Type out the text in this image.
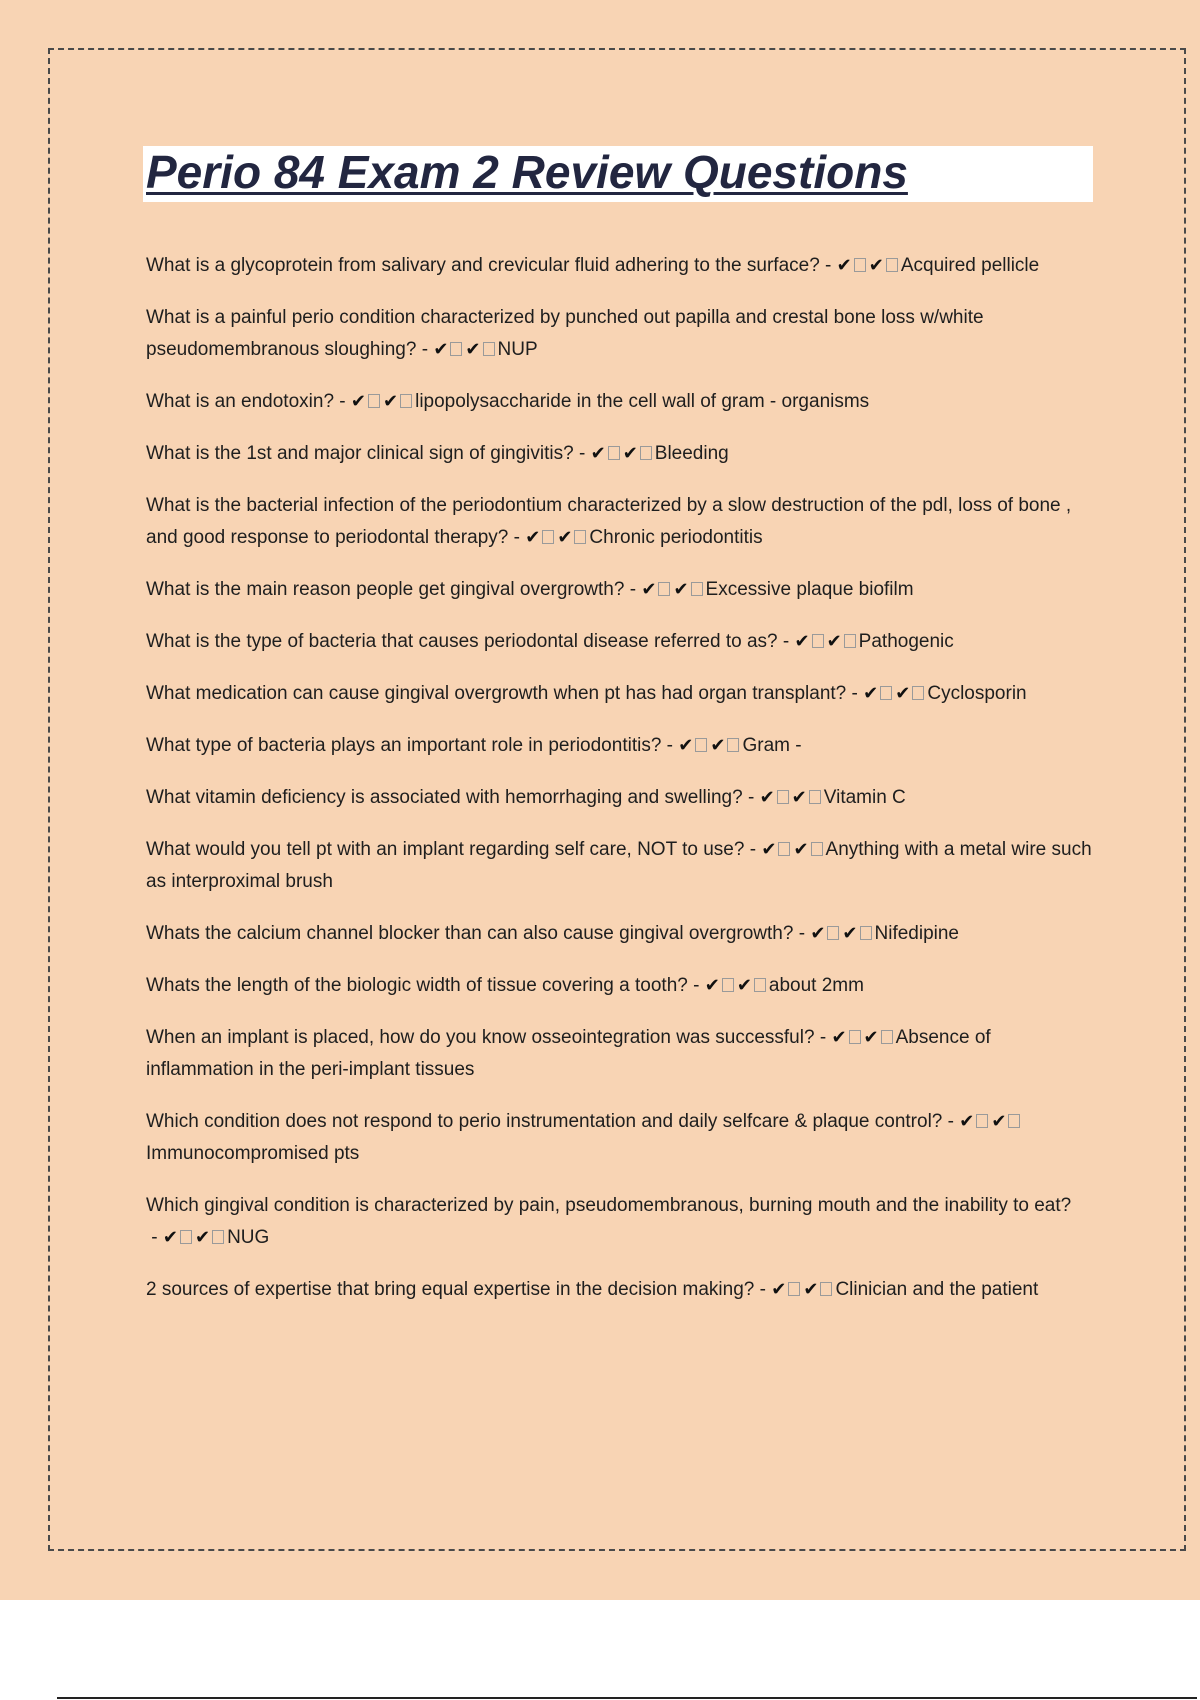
Perio 84 Exam 2 Review Questions
What is a glycoprotein from salivary and crevicular fluid adhering to the surface? - ✔ ✔ Acquired pellicle
What is a painful perio condition characterized by punched out papilla and crestal bone loss w/white pseudomembranous sloughing? - ✔ ✔ NUP
What is an endotoxin? - ✔ ✔ lipopolysaccharide in the cell wall of gram - organisms
What is the 1st and major clinical sign of gingivitis? - ✔ ✔ Bleeding
What is the bacterial infection of the periodontium characterized by a slow destruction of the pdl, loss of bone , and good response to periodontal therapy? - ✔ ✔ Chronic periodontitis
What is the main reason people get gingival overgrowth? - ✔ ✔ Excessive plaque biofilm
What is the type of bacteria that causes periodontal disease referred to as? - ✔ ✔ Pathogenic
What medication can cause gingival overgrowth when pt has had organ transplant? - ✔ ✔ Cyclosporin
What type of bacteria plays an important role in periodontitis? - ✔ ✔ Gram -
What vitamin deficiency is associated with hemorrhaging and swelling? - ✔ ✔ Vitamin C
What would you tell pt with an implant regarding self care, NOT to use? - ✔ ✔ Anything with a metal wire such as interproximal brush
Whats the calcium channel blocker than can also cause gingival overgrowth? - ✔ ✔ Nifedipine
Whats the length of the biologic width of tissue covering a tooth? - ✔ ✔ about 2mm
When an implant is placed, how do you know osseointegration was successful? - ✔ ✔ Absence of inflammation in the peri-implant tissues
Which condition does not respond to perio instrumentation and daily selfcare & plaque control? - ✔ ✔Immunocompromised pts
Which gingival condition is characterized by pain, pseudomembranous, burning mouth and the inability to eat? - ✔ ✔ NUG
2 sources of expertise that bring equal expertise in the decision making? - ✔ ✔ Clinician and the patient
